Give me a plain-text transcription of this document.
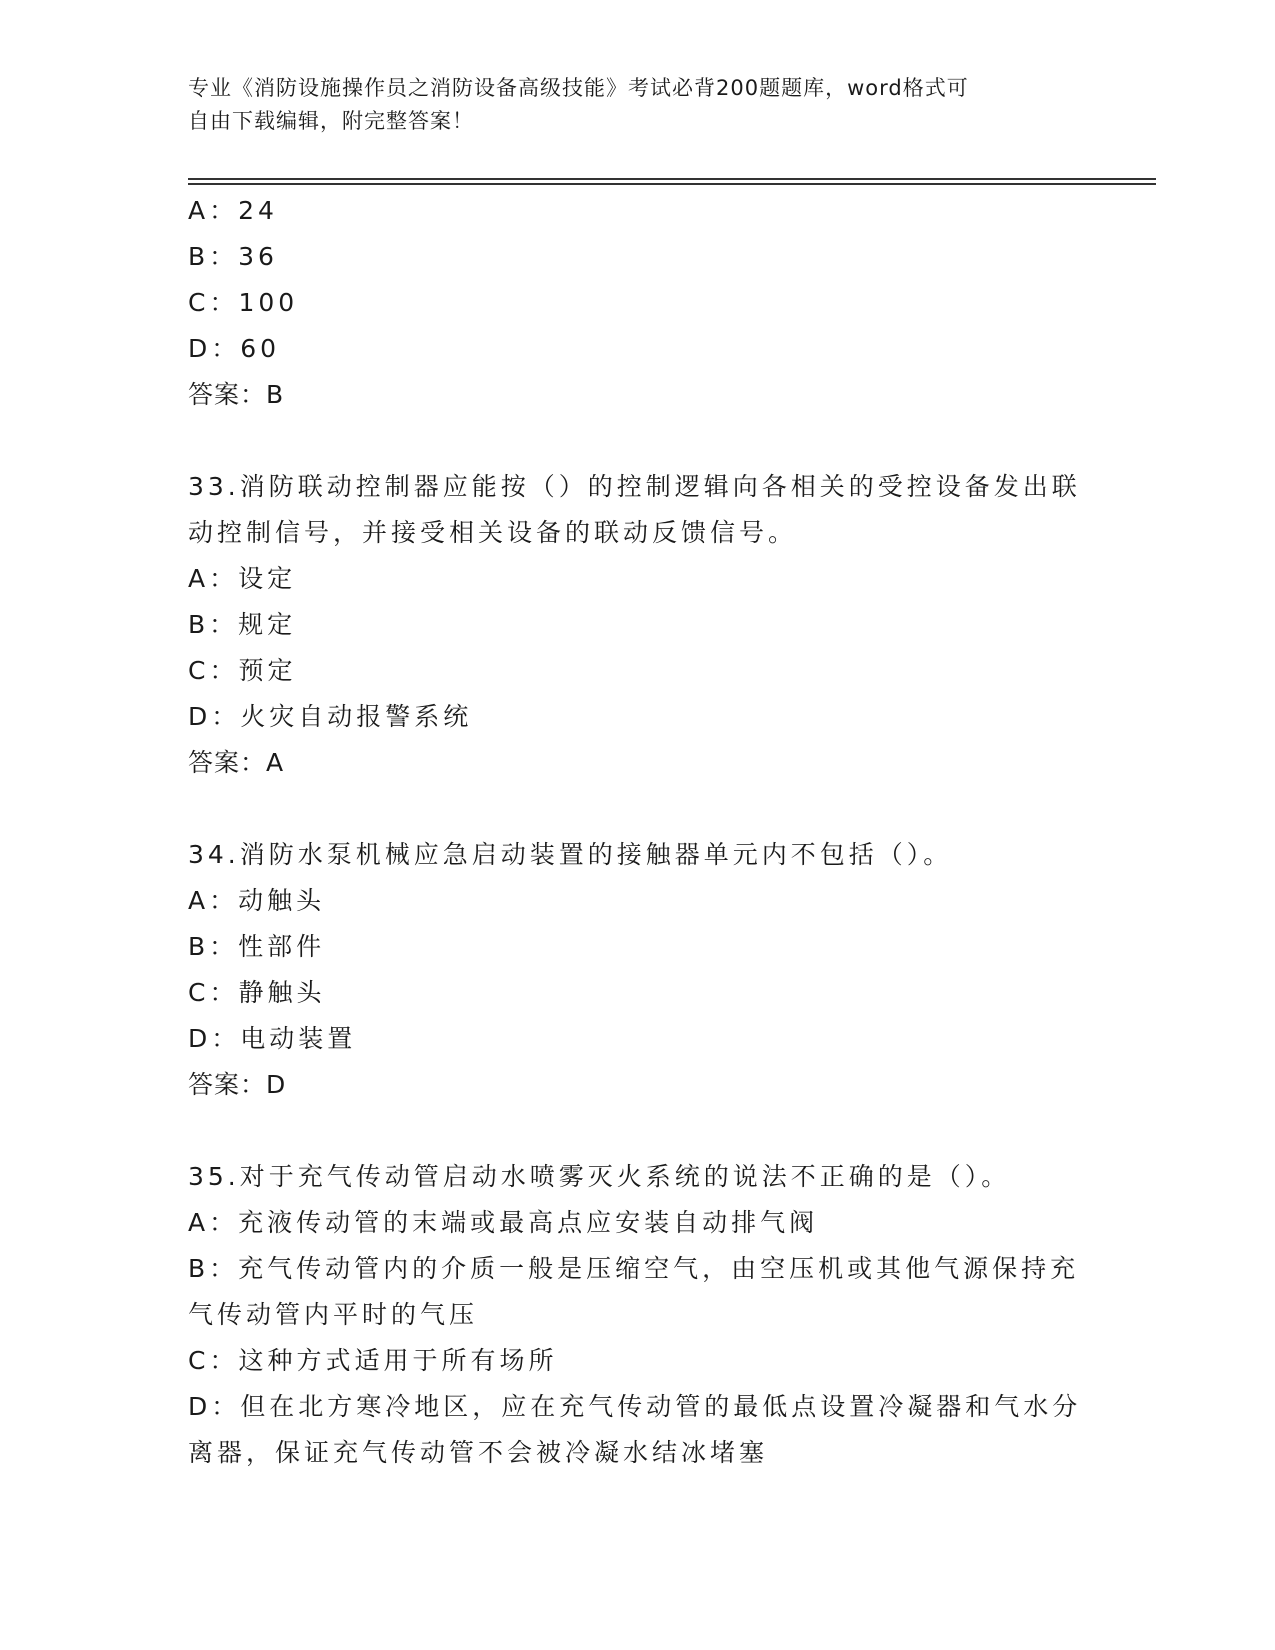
专业《消防设施操作员之消防设备高级技能》考试必背200题题库，word格式可
自由下载编辑，附完整答案！
A：24
B：36
C：100
D：60
答案：B
33.消防联动控制器应能按（）的控制逻辑向各相关的受控设备发出联
动控制信号，并接受相关设备的联动反馈信号。
A：设定
B：规定
C：预定
D：火灾自动报警系统
答案：A
34.消防水泵机械应急启动装置的接触器单元内不包括（）。
A：动触头
B：性部件
C：静触头
D：电动装置
答案：D
35.对于充气传动管启动水喷雾灭火系统的说法不正确的是（）。
A：充液传动管的末端或最高点应安装自动排气阀
B：充气传动管内的介质一般是压缩空气，由空压机或其他气源保持充
气传动管内平时的气压
C：这种方式适用于所有场所
D：但在北方寒冷地区，应在充气传动管的最低点设置冷凝器和气水分
离器，保证充气传动管不会被冷凝水结冰堵塞
